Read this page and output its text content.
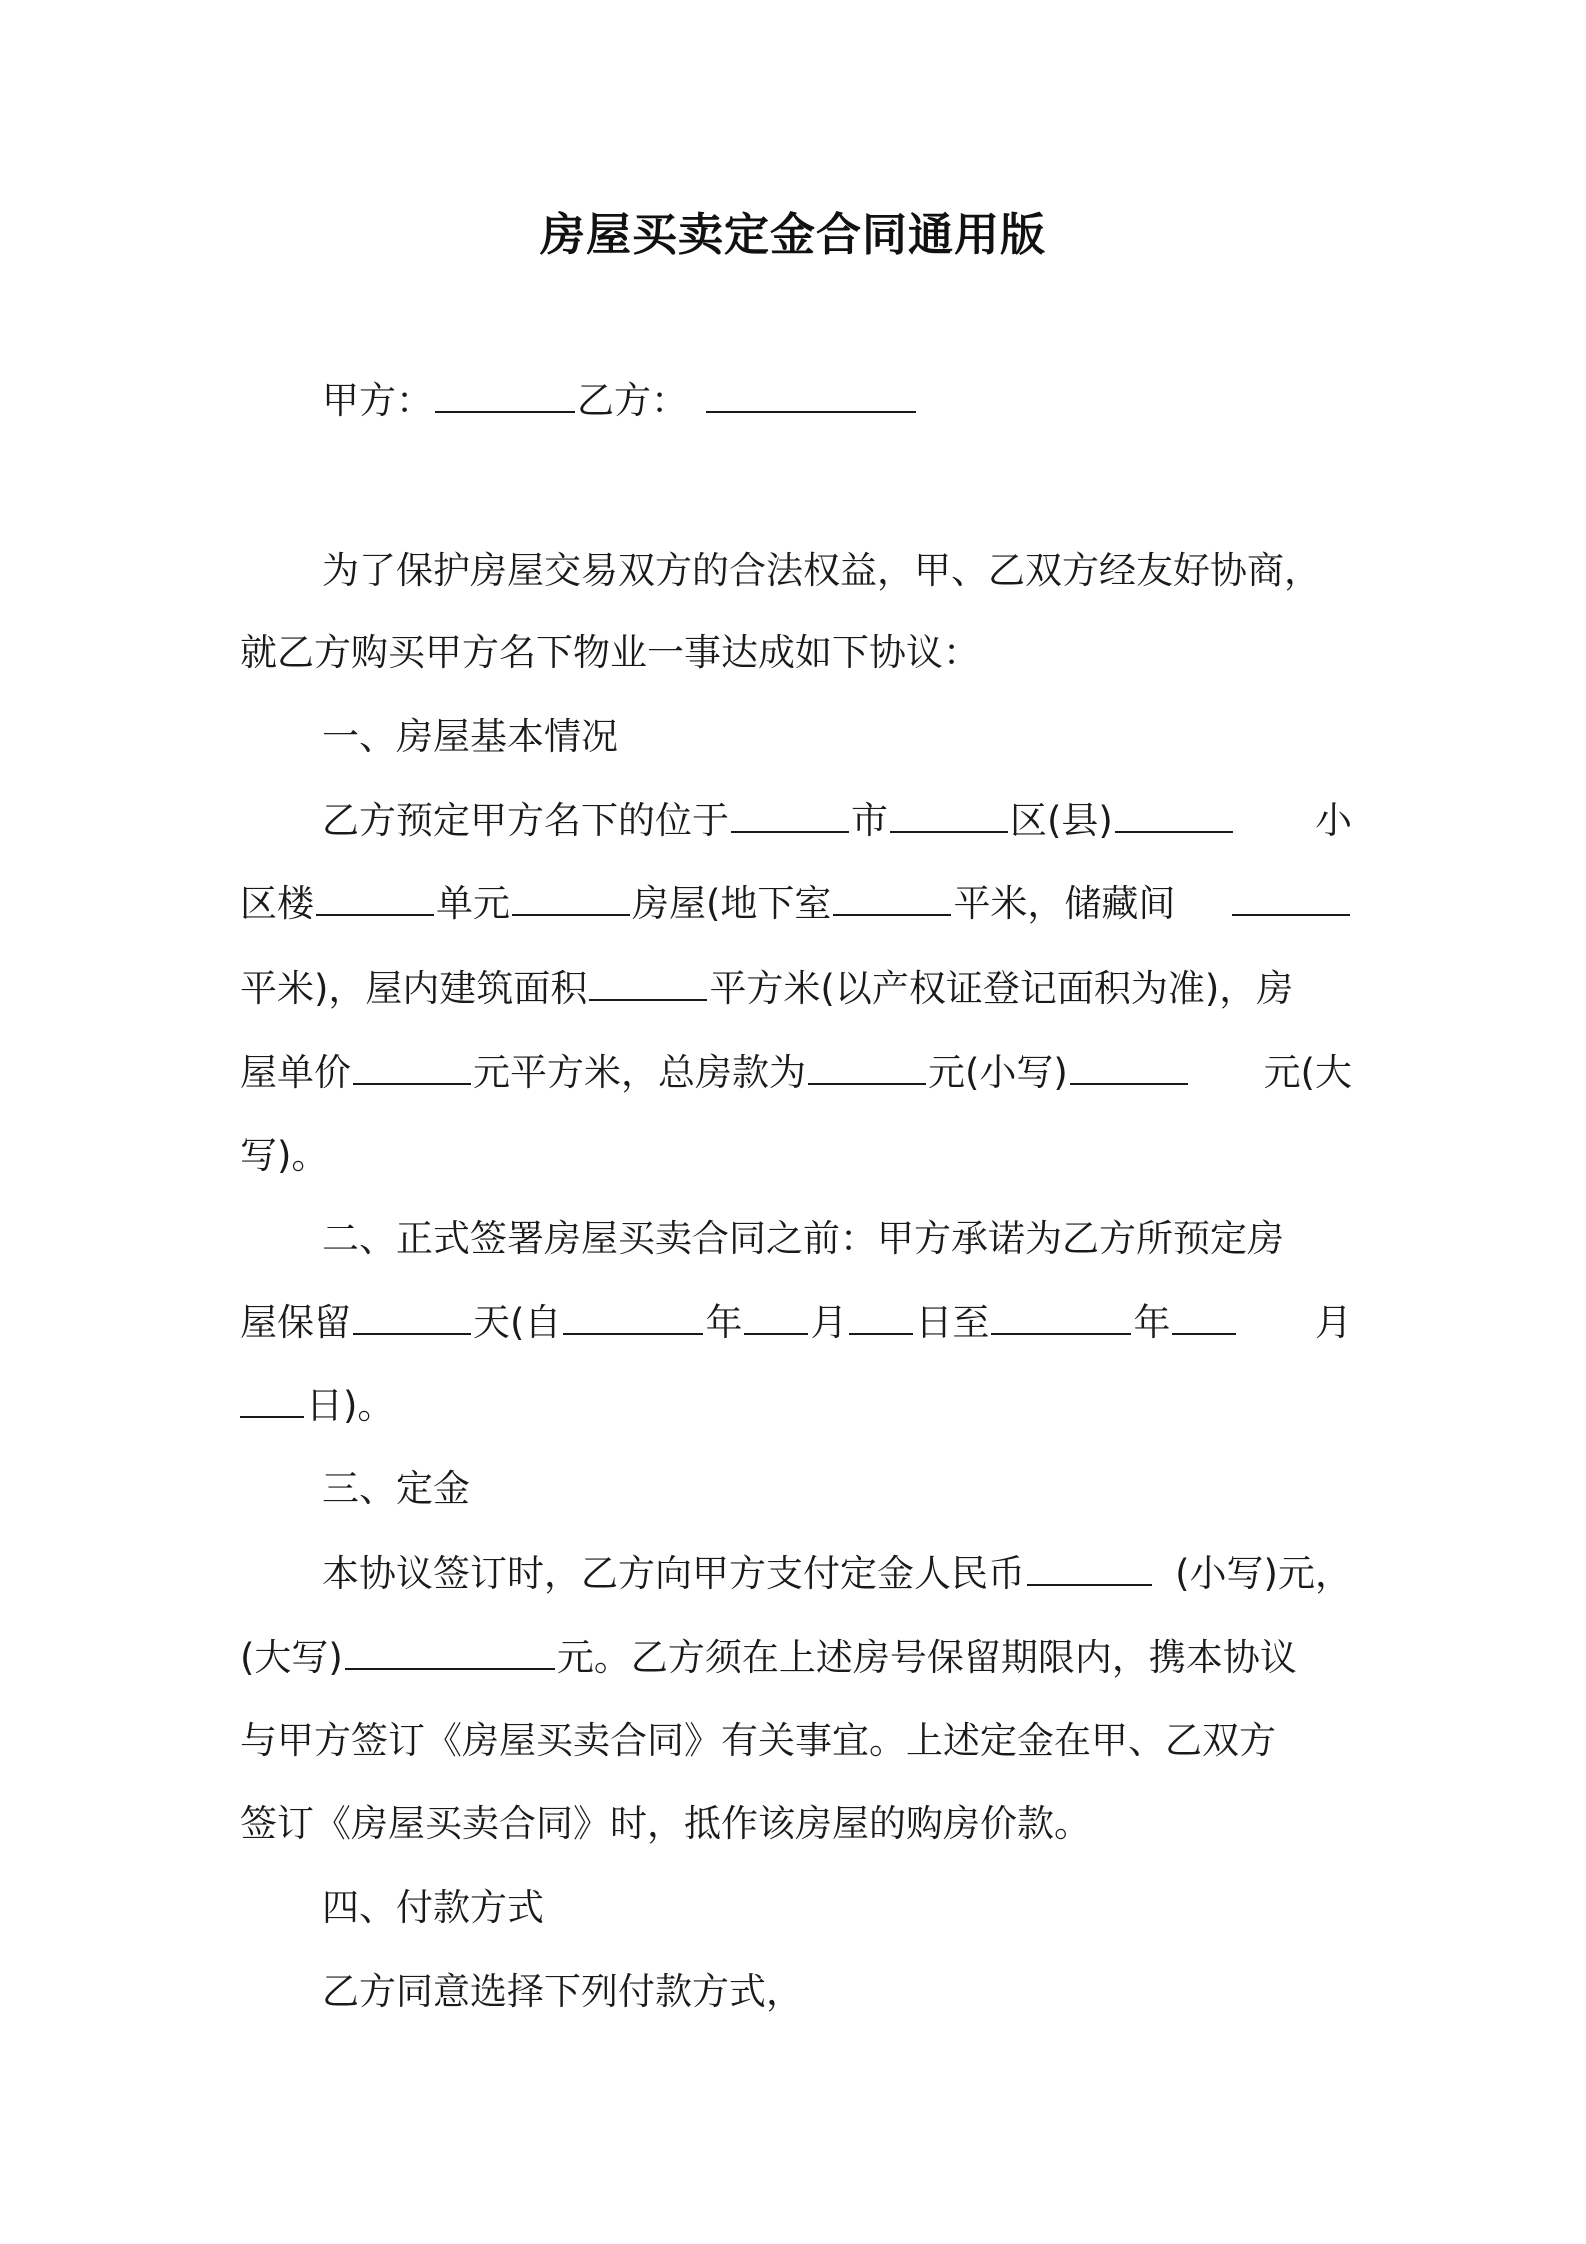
房屋买卖定金合同通用版
甲方：	乙方：
为了保护房屋交易双方的合法权益，甲、乙双方经友好协商，
就乙方购买甲方名下物业一事达成如下协议：
一、房屋基本情况
乙方预定甲方名下的位于	市	区(县)	小
区楼	单元	房屋(地下室	平米，储藏间
平米)，屋内建筑面积	平方米(以产权证登记面积为准)，房
屋单价	元平方米，总房款为	元(小写)	元(大
写)。
二、正式签署房屋买卖合同之前：甲方承诺为乙方所预定房
屋保留	天(自	年 月 日至	年	月
日)。
三、定金
本协议签订时，乙方向甲方支付定金人民币	(小写)元，
(大写)	元。乙方须在上述房号保留期限内，携本协议
与甲方签订《房屋买卖合同》有关事宜。上述定金在甲、乙双方
签订《房屋买卖合同》时，抵作该房屋的购房价款。
四、付款方式
乙方同意选择下列付款方式，
